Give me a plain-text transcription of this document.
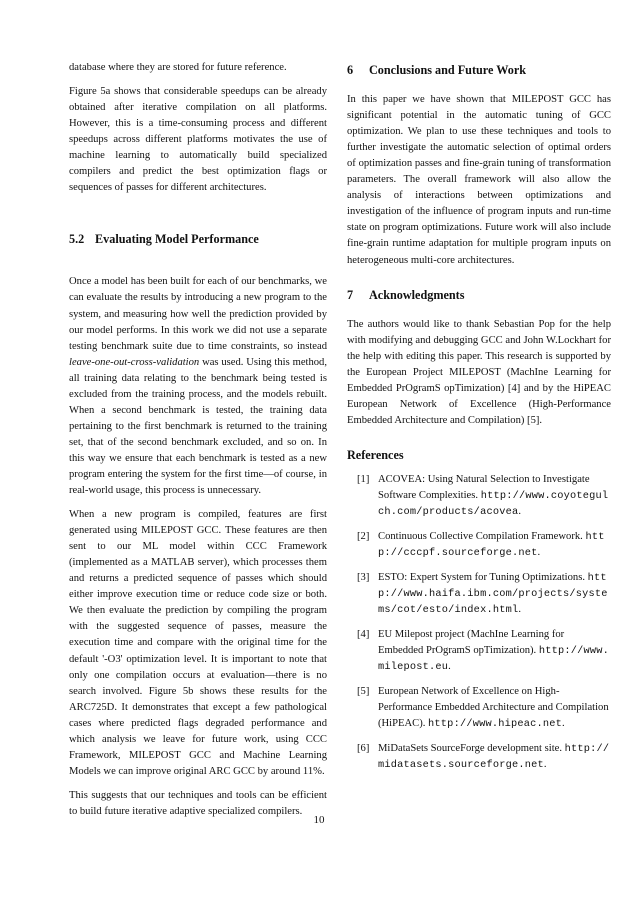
database where they are stored for future reference.

Figure 5a shows that considerable speedups can be already obtained after iterative compilation on all platforms. However, this is a time-consuming process and different speedups across different platforms motivates the use of machine learning to automatically build specialized compilers and predict the best optimization flags or sequences of passes for different architectures.

5.2 Evaluating Model Performance

Once a model has been built for each of our benchmarks, we can evaluate the results by introducing a new program to the system, and measuring how well the prediction provided by our model performs. In this work we did not use a separate testing benchmark suite due to time constraints, so instead leave-one-out-cross-validation was used. Using this method, all training data relating to the benchmark being tested is excluded from the training process, and the models rebuilt. When a second benchmark is tested, the training data pertaining to the first benchmark is returned to the training set, that of the second benchmark excluded, and so on. In this way we ensure that each benchmark is tested as a new program entering the system for the first time—of course, in real-world usage, this process is unnecessary.

When a new program is compiled, features are first generated using MILEPOST GCC. These features are then sent to our ML model within CCC Framework (implemented as a MATLAB server), which processes them and returns a predicted sequence of passes which should either improve execution time or reduce code size or both. We then evaluate the prediction by compiling the program with the suggested sequence of passes, measure the execution time and compare with the original time for the default '-O3' optimization level. It is important to note that only one compilation occurs at evaluation—there is no search involved. Figure 5b shows these results for the ARC725D. It demonstrates that except a few pathological cases where predicted flags degraded performance and which analysis we leave for future work, using CCC Framework, MILEPOST GCC and Machine Learning Models we can improve original ARC GCC by around 11%.

This suggests that our techniques and tools can be efficient to build future iterative adaptive specialized compilers.

6 Conclusions and Future Work

In this paper we have shown that MILEPOST GCC has significant potential in the automatic tuning of GCC optimization. We plan to use these techniques and tools to further investigate the automatic selection of optimal orders of optimization passes and fine-grain tuning of transformation parameters. The overall framework will also allow the analysis of interactions between optimizations and investigation of the influence of program inputs and run-time state on program optimizations. Future work will also include fine-grain runtime adaptation for multiple program inputs on heterogeneous multi-core architectures.

7 Acknowledgments

The authors would like to thank Sebastian Pop for the help with modifying and debugging GCC and John W.Lockhart for the help with editing this paper. This research is supported by the European Project MILEPOST (MachIne Learning for Embedded PrOgramS opTimization) [4] and by the HiPEAC European Network of Excellence (High-Performance Embedded Architecture and Compilation) [5].

References
[1] ACOVEA: Using Natural Selection to Investigate Software Complexities. http://www.coyotegulch.com/products/acovea.
[2] Continuous Collective Compilation Framework. http://cccpf.sourceforge.net.
[3] ESTO: Expert System for Tuning Optimizations. http://www.haifa.ibm.com/projects/systems/cot/esto/index.html.
[4] EU Milepost project (MachIne Learning for Embedded PrOgramS opTimization). http://www.milepost.eu.
[5] European Network of Excellence on High-Performance Embedded Architecture and Compilation (HiPEAC). http://www.hipeac.net.
[6] MiDataSets SourceForge development site. http://midatasets.sourceforge.net.
10
